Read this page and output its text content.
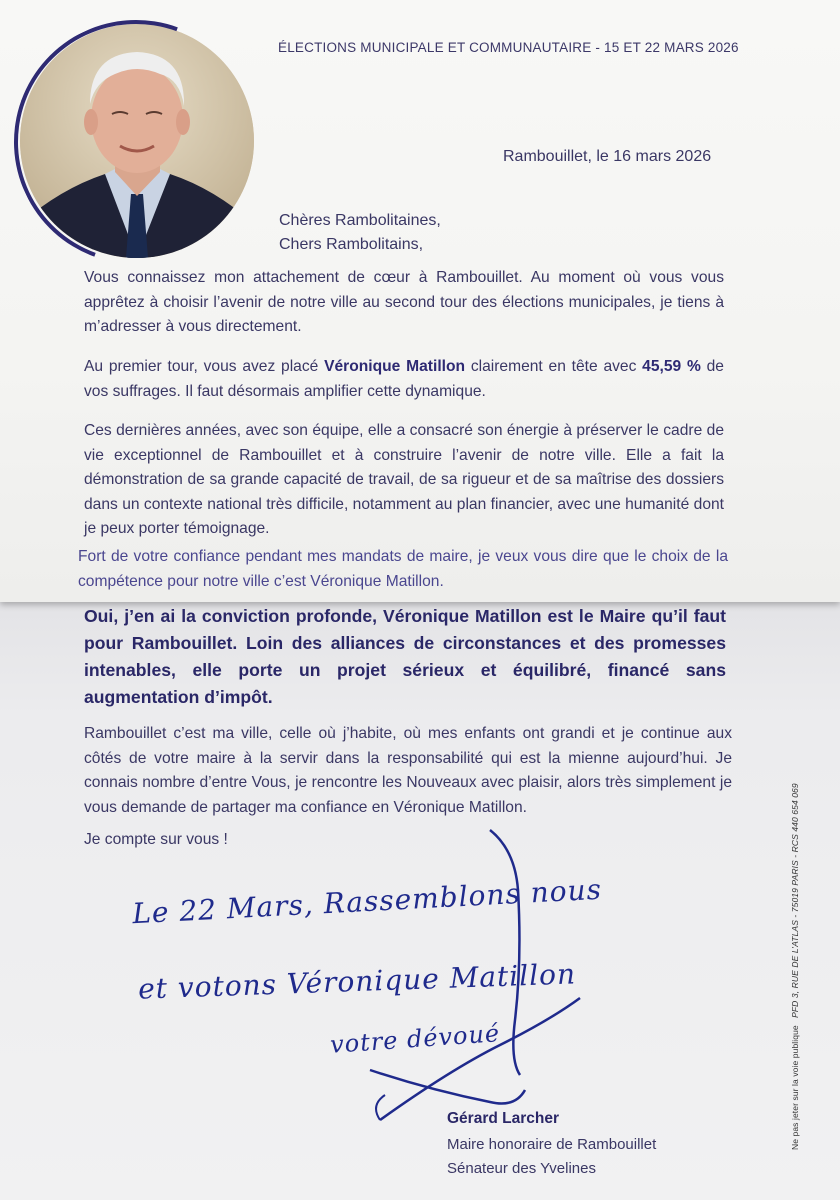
ÉLECTIONS MUNICIPALE ET COMMUNAUTAIRE - 15 ET 22 MARS 2026
Rambouillet, le 16 mars 2026
Chères Rambolitaines,
Chers Rambolitains,

Vous connaissez mon attachement de cœur à Rambouillet. Au moment où vous vous apprêtez à choisir l’avenir de notre ville au second tour des élections municipales, je tiens à m’adresser à vous directement.

Au premier tour, vous avez placé Véronique Matillon clairement en tête avec 45,59 % de vos suffrages. Il faut désormais amplifier cette dynamique.

Ces dernières années, avec son équipe, elle a consacré son énergie à préserver le cadre de vie exceptionnel de Rambouillet et à construire l’avenir de notre ville. Elle a fait la démonstration de sa grande capacité de travail, de sa rigueur et de sa maîtrise des dossiers dans un contexte national très difficile, notamment au plan financier, avec une humanité dont je peux porter témoignage.

Fort de votre confiance pendant mes mandats de maire, je veux vous dire que le choix de la compétence pour notre ville c’est Véronique Matillon.

Oui, j’en ai la conviction profonde, Véronique Matillon est le Maire qu’il faut pour Rambouillet. Loin des alliances de circonstances et des promesses intenables, elle porte un projet sérieux et équilibré, financé sans augmentation d’impôt.

Rambouillet c’est ma ville, celle où j’habite, où mes enfants ont grandi et je continue aux côtés de votre maire à la servir dans la responsabilité qui est la mienne aujourd’hui. Je connais nombre d’entre Vous, je rencontre les Nouveaux avec plaisir, alors très simplement je vous demande de partager ma confiance en Véronique Matillon.

Je compte sur vous !

Le 22 Mars, Rassemblons nous
et votons Véronique Matillon
votre dévoué
Gérard Larcher
Maire honoraire de Rambouillet
Sénateur des Yvelines
Ne pas jeter sur la voie publique   PFD 3, RUE DE L’ATLAS - 75019 PARIS - RCS 440 654 069
